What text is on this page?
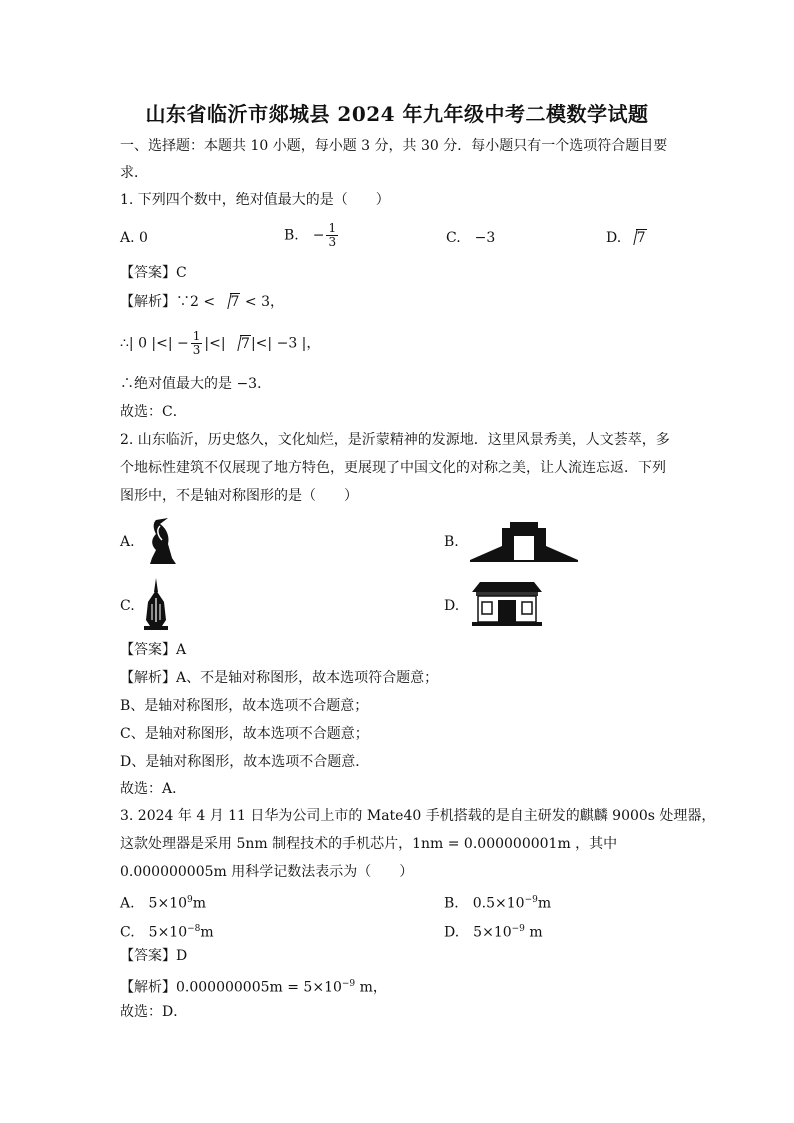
山东省临沂市郯城县 2024 年九年级中考二模数学试题
一、选择题：本题共 10 小题，每小题 3 分，共 30 分．每小题只有一个选项符合题目要
求．
1. 下列四个数中，绝对值最大的是（　　）
A. 0	B.　− $\frac{1}{3}$	C.　−3	D. 7
【答案】C
【解析】∵2 < 7 < 3，
∴| 0 |<| − $\frac{1}{3}$ |<| 7|<| −3 |，
∴绝对值最大的是 −3．
故选：C．
2. 山东临沂，历史悠久，文化灿烂，是沂蒙精神的发源地．这里风景秀美，人文荟萃，多
个地标性建筑不仅展现了地方特色，更展现了中国文化的对称之美，让人流连忘返．下列
图形中，不是轴对称图形的是（　　）
A.	B.
C.	D.
【答案】A
【解析】A、不是轴对称图形，故本选项符合题意；
B、是轴对称图形，故本选项不合题意；
C、是轴对称图形，故本选项不合题意；
D、是轴对称图形，故本选项不合题意．
故选：A．
3. 2024 年 4 月 11 日华为公司上市的 Mate40 手机搭载的是自主研发的麒麟 9000s 处理器，
这款处理器是采用 5nm 制程技术的手机芯片，1nm = 0.000000001m ，其中
0.000000005m 用科学记数法表示为（　　）
A.　$5\times 10^9m$	B.　$0.5\times 10^{-9}m$
C.　$5\times 10^{-8}m$	D.　$5\times 10^{-9}$ m
【答案】D
【解析】$0.000000005m = 5\times 10^{-9}$ m，
故选：D．
